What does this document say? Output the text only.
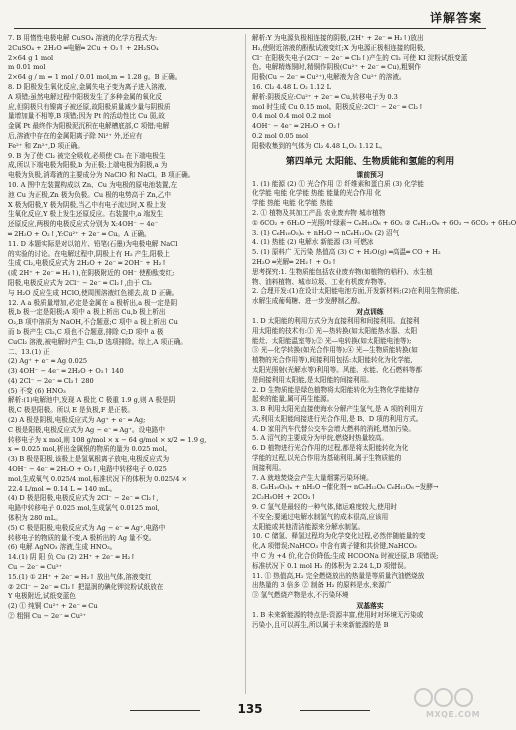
详解答案
7. B 用惰性电极电解 CuSO₄ 溶液的化学方程式为:
2CuSO₄ + 2H₂O ═电解═ 2Cu + O₂↑ + 2H₂SO₄
2×64 g 1 mol
m 0.01 mol
2×64 g / m = 1 mol / 0.01 mol,m = 1.28 g。B 正确。
8. D 阳极发生氧化反应,金属失电子变为离子进入溶液,
A 项错;虽然电解过程中阳极发生了多种金属的氧化反
应,但阴极只有镍离子被还原,故阳极质量减少量与阴极质
量增加量不相等,B 项错;因为 Pt 的活动性比 Cu 弱,故
金属 Pt 最终作为阳极泥沉积在电解槽底部,C 项错;电解
后,溶液中存在的金属阳离子除 Ni²⁺ 外,还应有
Fe²⁺ 和 Zn²⁺,D 项正确。
9. B 为了使 Cl₂ 被完全吸收,必须使 Cl₂ 在下端电极生
成,所以下端电极为阳极,b 为正极;上端电极为阴极,a 为
电极为负极,消毒液的主要成分为 NaClO 和 NaCl。B 项正确。
10. A 图中左装置构成以 Zn、Cu 为电极的原电池装置,左
池 Cu 为正极,Zn 极为负极。Cu 极的电势高于 Zn,乙中
X 极为阳极,Y 极为阴极,当乙中有电子流过时,X 极上发
生氧化反应,Y 极上发生还原反应。右装置中,a 端发生
还原反应,两极的电极反应式分别为 X:4OH⁻ − 4e⁻
═ 2H₂O + O₂↑,Y:Cu²⁺ + 2e⁻ ═ Cu。A 正确。
11. D 本题实际是对以铂片、铅笔(石墨)为电极电解 NaCl
的实验的讨论。在电解过程中,阴极上有 H₂ 产生,阳极上
生成 Cl₂,电极反应式为 2H₂O + 2e⁻ ═ 2OH⁻ + H₂↑
(或 2H⁺ + 2e⁻ ═ H₂↑),在阴极附近的 OH⁻ 使酚酞变红;
阳极,电极反应式为 2Cl⁻ − 2e⁻ ═ Cl₂↑,由于 Cl₂
与 H₂O 反应生成 HClO,使周围溶液红色褪去,故 D 正确。
12. A a 极质量增加,必定是金属在 a 极析出,a 极一定是阴
极,b 极一定是阳极;A 项中 a 极上析出 Cu,b 极上析出
O₂,B 项中溶质为 NaOH,不合题意;C 项中 a 极上析出 Cu
而 b 极产生 Cl₂,C 项也不合题意,排除 C;D 项中 a 极
CuCl₂ 溶液,被电解时产生 Cl₂,D 选项排除。综上,A 项正确。
二、13.(1) 正
(2) Ag⁺ + e⁻ ═ Ag 0.025
(3) 4OH⁻ − 4e⁻ ═ 2H₂O + O₂↑ 140
(4) 2Cl⁻ − 2e⁻ ═ Cl₂↑ 280
(5) 不变 (6) HNO₃
解析:(1)电解池中,发现 A 极比 C 极重 1.9 g,则 A 极是阴
极,C 极是阳极。所以 E 是负极,F 是正极。
(2) A 极是阴极,电极反应式为 Ag⁺ + e⁻ ═ Ag;
C 极是阳极,电极反应式为 Ag − e⁻ ═ Ag⁺。设电路中
转移电子为 x mol,则 108 g/mol × x − 64 g/mol × x/2 = 1.9 g,
x = 0.025 mol,析出金属银的物质的量为 0.025 mol。
(3) B 极是阳极,该极上是氢氧根离子放电,电极反应式为
4OH⁻ − 4e⁻ ═ 2H₂O + O₂↑,电路中转移电子 0.025
mol,生成氧气 0.025/4 mol,标准状况下的体积为 0.025/4 ×
22.4 L/mol = 0.14 L = 140 mL。
(4) D 极是阳极,电极反应式为 2Cl⁻ − 2e⁻ ═ Cl₂↑,
电路中转移电子 0.025 mol,生成氯气 0.0125 mol,
体积为 280 mL。
(5) C 极是阳极,电极反应式为 Ag − e⁻ ═ Ag⁺,电路中
转移电子的物质的量不变,A 极析出的 Ag 量不变。
(6) 电解 AgNO₃ 溶液,生成 HNO₃。
14.(1) 阴 阳 负 Cu (2) 2H⁺ + 2e⁻ ═ H₂↑
Cu − 2e⁻ ═ Cu²⁺
15.(1) ① 2H⁺ + 2e⁻ ═ H₂↑ 放出气体,溶液变红
② 2Cl⁻ − 2e⁻ ═ Cl₂↑ 把湿润的碘化钾淀粉试纸放在
Y 电极附近,试纸变蓝色
(2) ① 纯铜 Cu²⁺ + 2e⁻ ═ Cu
② 粗铜 Cu − 2e⁻ ═ Cu²⁺
解析:Y 为电源负极相连接的阴极,(2H⁺ + 2e⁻ ═ H₂↑)放出
H₂,使附近溶液的酚酞试液变红;X 为电源正极相连接的阳极,
Cl⁻ 在阳极失电子(2Cl⁻ − 2e⁻ ═ Cl₂↑)产生的 Cl₂ 可使 KI 淀粉试纸变蓝
色。电解精炼铜时,精铜作阴极(Cu²⁺ + 2e⁻ ═ Cu),粗铜作
阳极(Cu − 2e⁻ ═ Cu²⁺),电解液为含 Cu²⁺ 的溶液。
16. Cl₂ 4.48 L O₂ 1.12 L
解析:阴极反应:Cu²⁺ + 2e⁻ ═ Cu,转移电子为 0.3
mol 时生成 Cu 0.15 mol。阳极反应:2Cl⁻ − 2e⁻ ═ Cl₂↑
0.4 mol 0.4 mol 0.2 mol
4OH⁻ − 4e⁻ ═ 2H₂O + O₂↑
0.2 mol 0.05 mol
阳极收集到的气体为 Cl₂ 4.48 L,O₂ 1.12 L。
第四单元 太阳能、生物质能和氢能的利用
课前预习
1. (1) 能源 (2) ① 光合作用 ② 纤维素和蛋白质 (3) 化学能
化学能 电能 化学能 热能 能量的光合作用 化
学能 热能 电能 化学能 热能
2. ① 植物及其加工产品 农业废弃物 城市植物
① 6CO₂ + 6H₂O ─光照/叶绿素→ C₆H₁₂O₆ + 6O₂ ② C₆H₁₂O₆ + 6O₂ → 6CO₂ + 6H₂O
3. (1) C₆H₁₀O₅)ₙ + nH₂O → nC₆H₁₂O₆ (2) 沼气
4. (1) 热能 (2) 电解水 新能源 (3) 可燃冰
5. (1) 原料广 无污染 热值高 (3) C + H₂O(g) ═高温═ CO + H₂
2H₂O ═光解═ 2H₂↑ + O₂↑
思考探究:1. 生物质能包括农业废弃物(如植物的秸秆)、水生植
物、油料植物、城市垃圾、工业有机废弃物等。
2. 合理开发:(1)在设计太阳能电池方面,开发新材料;(2)在利用生物质能、
水解生成葡萄糖、进一步发酵制乙醇。
对点训练
1. D 太阳能的利用方式分为直接利用和间接利用。直接利
用太阳能的技术有:① 光—热转换(如太阳能热水器、太阳
能灶、太阳能温室等);② 光—电转换(如太阳能电池等);
③ 光—化学转换(如光合作用等);④ 光—生物质能转换(如
植物的光合作用等),间接利用包括:太阳能转化为化学能,
太阳光照射(光解水等)利用等。风能、水能、化石燃料等都
是间接利用太阳能,是太阳能的间接利用。
2. D 生物质能是绿色植物将太阳能转化为生物化学能储存
起来的能量,属可再生能源。
3. B 利用太阳光直接使海水分解产生氢气,是 A 项的利用方
式;利用太阳能间接进行光合作用,是 B、D 项的利用方式。
4. D 家用汽车代替公交车会增大燃料的消耗,增加污染。
5. A 沼气的主要成分为甲烷,燃烧时热量较高。
6. D 植物进行光合作用的过程,都是将太阳能转化为化
学能的过程,以光合作用为基础利用,属于生物质能的
间接利用。
7. A 就地焚烧会产生大量烟雾污染环境。
8. C₆H₁₀O₅)ₙ + nH₂O ─催化剂→ nC₆H₁₂O₆ C₆H₁₂O₆ ─发酵→
2C₂H₅OH + 2CO₂↑
9. C 氢气是最轻的一种气体,储运难度较大,使用时
不安全;要通过电解水制氢气的成本很高,应该用
太阳能或其他清洁能源来分解水制氢。
10. C 储氢、释氢过程均为化学变化过程,必然伴随能量的变
化,A 项错误;NaHCO₃ 中含有离子键和共价键,NaHCO₃
中 C 为 +4 价,化合价降低;生成 HCOONa 时被还原,B 项错误;
标准状况下 0.1 mol H₂ 的体积为 2.24 L,D 项错误。
11. ① 热值高,H₂ 完全燃烧放出的热量是等质量汽油燃烧放
出热量的 3 倍多 ② 制备 H₂ 的原料是水,来源广
③ 氢气燃烧产物是水,不污染环境
双基落实
1. B 未来新能源的特点是:资源丰富,使用时对环境无污染或
污染小,且可以再生,所以属于未来新能源的是 B
135	MXQE.COM
